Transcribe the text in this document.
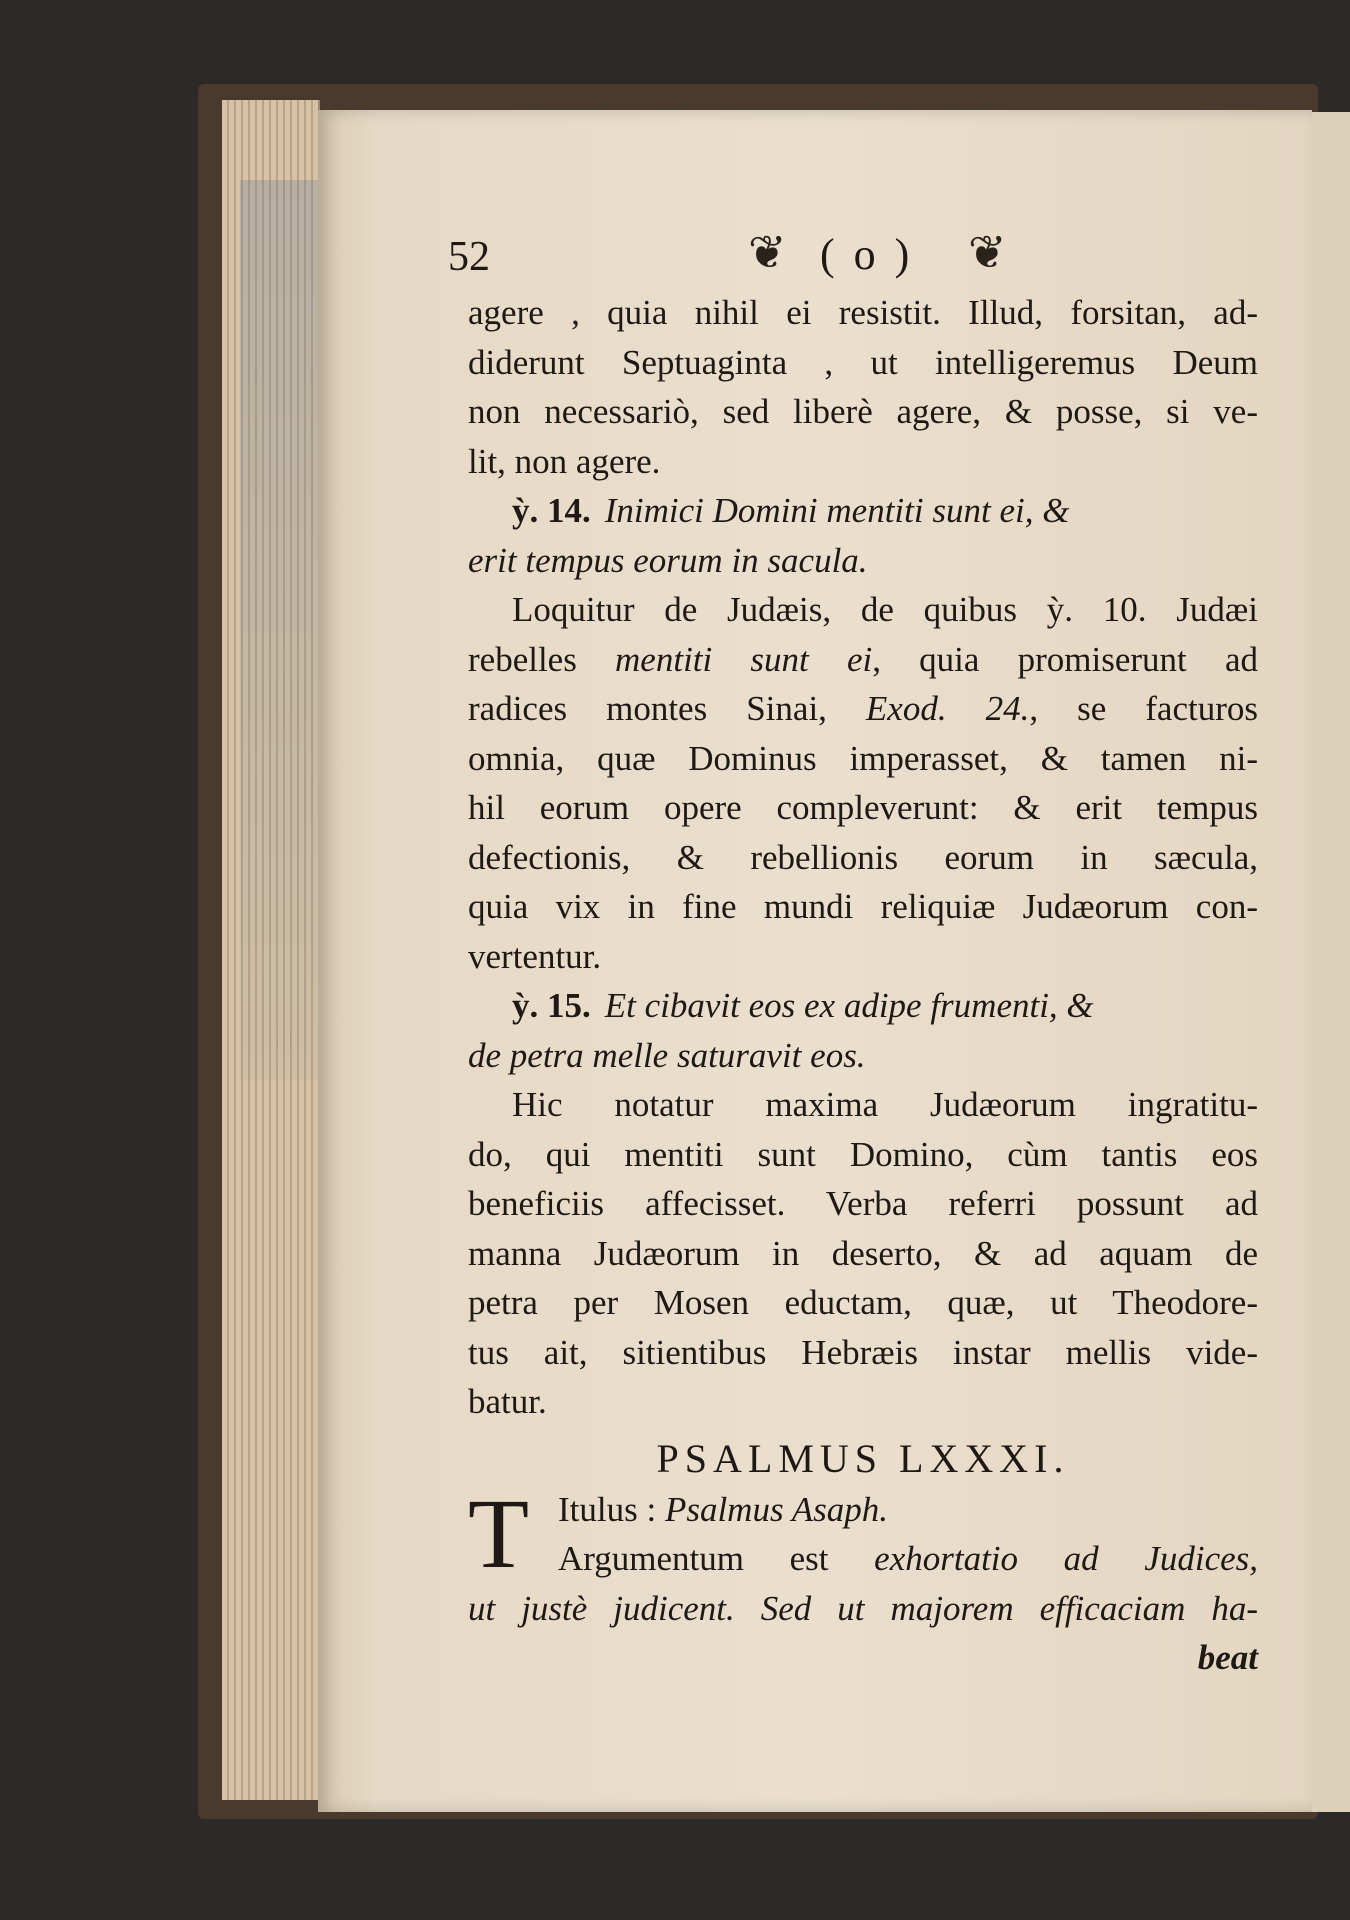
52	❦ ( o ) ❦
agere , quia nihil ei resistit. Illud, forsitan, ad-
diderunt Septuaginta , ut intelligeremus Deum
non necessariò, sed liberè agere, & posse, si ve-
lit, non agere.
ỳ. 14. Inimici Domini mentiti sunt ei, &
erit tempus eorum in sacula.
Loquitur de Judæis, de quibus ỳ. 10. Judæi
rebelles mentiti sunt ei, quia promiserunt ad
radices montes Sinai, Exod. 24., se facturos
omnia, quæ Dominus imperasset, & tamen ni-
hil eorum opere compleverunt: & erit tempus
defectionis, & rebellionis eorum in sæcula,
quia vix in fine mundi reliquiæ Judæorum con-
vertentur.
ỳ. 15. Et cibavit eos ex adipe frumenti, &
de petra melle saturavit eos.
Hic notatur maxima Judæorum ingratitu-
do, qui mentiti sunt Domino, cùm tantis eos
beneficiis affecisset. Verba referri possunt ad
manna Judæorum in deserto, & ad aquam de
petra per Mosen eductam, quæ, ut Theodore-
tus ait, sitientibus Hebræis instar mellis vide-
batur.
PSALMUS LXXXI.
T Itulus : Psalmus Asaph.
Argumentum est exhortatio ad Judices,
ut justè judicent. Sed ut majorem efficaciam ha-
beat
